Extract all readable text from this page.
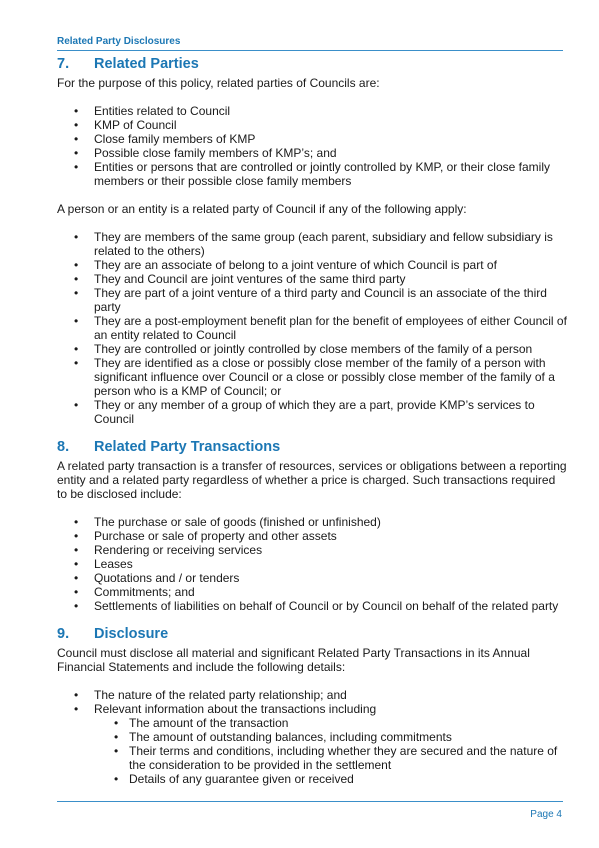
Related Party Disclosures
7. Related Parties

For the purpose of this policy, related parties of Councils are:

• Entities related to Council
• KMP of Council
• Close family members of KMP
• Possible close family members of KMP’s; and
• Entities or persons that are controlled or jointly controlled by KMP, or their close family members or their possible close family members

A person or an entity is a related party of Council if any of the following apply:

• They are members of the same group (each parent, subsidiary and fellow subsidiary is related to the others)
• They are an associate of belong to a joint venture of which Council is part of
• They and Council are joint ventures of the same third party
• They are part of a joint venture of a third party and Council is an associate of the third party
• They are a post-employment benefit plan for the benefit of employees of either Council of an entity related to Council
• They are controlled or jointly controlled by close members of the family of a person
• They are identified as a close or possibly close member of the family of a person with significant influence over Council or a close or possibly close member of the family of a person who is a KMP of Council; or
• They or any member of a group of which they are a part, provide KMP’s services to Council
8. Related Party Transactions

A related party transaction is a transfer of resources, services or obligations between a reporting entity and a related party regardless of whether a price is charged. Such transactions required to be disclosed include:

• The purchase or sale of goods (finished or unfinished)
• Purchase or sale of property and other assets
• Rendering or receiving services
• Leases
• Quotations and / or tenders
• Commitments; and
• Settlements of liabilities on behalf of Council or by Council on behalf of the related party
9. Disclosure

Council must disclose all material and significant Related Party Transactions in its Annual Financial Statements and include the following details:

• The nature of the related party relationship; and
• Relevant information about the transactions including
• The amount of the transaction
• The amount of outstanding balances, including commitments
• Their terms and conditions, including whether they are secured and the nature of the consideration to be provided in the settlement
• Details of any guarantee given or received
Page 4
